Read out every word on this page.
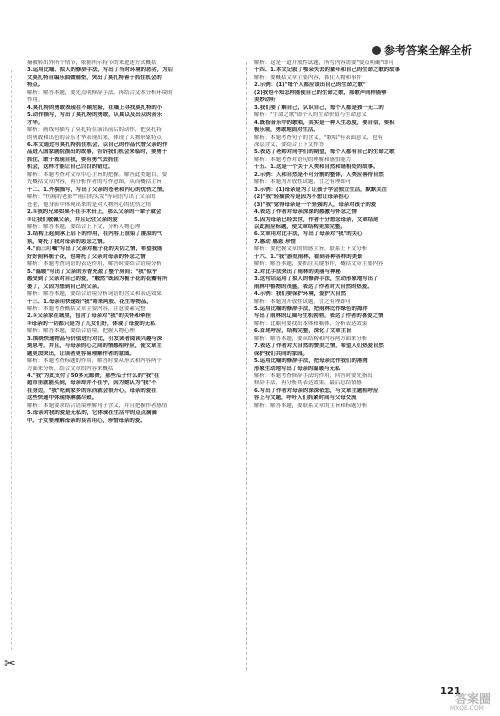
参考答案全解全析
摘被转出外所个情节，依据所示特节的来进述方式概括
3.运用比喻、拟人的修辞手法，写出了当时环境的恶劣，为后
文莫扎特自编乐曲做铺垫，突出了莫扎特善于抓住机会的
特点。
解析：解答本题，要先点明修辞手法，再结合文本分析环境的
作用。
4.莫扎特的勇敢表现在不顾危险，在墙上寻找莫扎特的小
5.动作描写，写出了莫扎特的勇敢，认真以及出众的音乐
才华。
解析：画线句描写了莫扎特在演出前后的动作，把莫扎特
的勇敢和出色的音乐才华表现出来，体现了人物形象特点
6.本文通过写莫扎特抓住机会，以自己的作品代替父亲的作
品进入国家剧院演出的故事，告诉我们机会来临时，要勇于
抓住，敢于表现自我，要有勇气去抓住
机会，这样才能让自己白白的错过。
解析：本题考查对文章中心主旨的把握。解答此类题目，要
先概括文章内容，再分析作者的写作意图，从而概括主旨
十二、1.外貌描写，写出了父亲的苍老和内心的优伤之情。
解析："伤痛的老影""雨白的头发"等词语写出了父亲的
苍老，他身影中体现出来的是对人物内心的优伤之情
2.①我的兄弟如果不在手术台上，那么父亲的一辈子就会
②让我们敬佩父亲，并且记住父亲的爱
解析：解答本题，要结合上下文，分析人物心理
3.结构上起到承上启下的作用，在内容上渲染了凄凉的气
氛，寄托了我对母亲的思念之情。
4."而三叮嘱"写出了父亲对栀子花的关切之情，希望我能
好好照料栀子花，也寄托了父亲对母亲的怀念之情
解析：本题考查词语的表达作用，解答时要结合语境分析
5."温暖"写出了父亲的芳香充盈了整个房间；"我"似乎
感受到了父亲对自己的爱，"触然"既因为栀子花的花瓣有所
萎了，又因为想到自己的父亲。
解析：解答本题，要结合语境分析词语的含义和表达效果
十三、1.母亲用快递给"我"寄来阿胶、花生等物品。
解析：本题考查概括文章主要内容，注意要素完整
2.①父亲家在城里，包含了母亲对"我"的关怀和牵挂
②母亲的一切都只是为了儿女们好，体现了母爱的无私
解析：解答本题，要结合语境，把握人物心理
3.围绕快递物品与价值进行对比，引发读者阅读兴趣与深
刻思考，并且，与母亲的心之间的情感相呼应，使文章主
题更加突出，让读者更容易理解作者的意图。
解析：本题考查标题的作用，解答时要从形式和内容两个
方面来分析，结合文章的内容来概括
4."我"为此支付了50多元邮费，那些瓜子什么的"我"在
超市里就能买到，母亲却并不在乎，因为她认为"我"不
在身边，"我"吃到家乡的东西就会很开心，母亲的爱在
这些快递中体现得淋漓尽致。
解析：本题要求结合语境理解句子含义，并且把握作者感情
5.母亲对我的爱是无私的，它体现在生活中的点点滴滴
中。子女要理解母亲的良苦用心，珍惜母亲的爱。
解析：这是一道开放性试题，所写内容需要"要点明确"即可
十四、1.本文记叙了鄂朵失去的童年和自己的生命之歌的故事
解析：要概括文章主要内容，抓住人物和事件
2.示例：(1)"每个人都应该出自己的生命之歌"
(2)我也不知怎样能使自己的生命之歌，那歌声同样能够
美妙动听
3.我们要了解自己，认识自己，每个人都是独一无二的
解析："生命之歌"即个人的生命价值与生命意义
4.既指音乐中的歌唱，其实是一种人生态度，要自信，要积
极乐观，勇敢地面对生活。
解析：本题考查句子的含义。"歌唱"有表面意义，也有
深层含义，要结合上下文作答
5.表达了老师对同学们的期望，每个人都有自己的生命之歌
解析：本题考查对语句的理解和感悟能力
十五、1.这是一个关于人类和自然和谐相处的故事。
2.示例：人和自然是不可分割的整体，人类应善待自然
解析：本题为开放性试题，言之有理即可
3.示例：(1)母亲是为了让孩子学会独立生活，默默关注
(2)"我"轻描淡写是因为不想让母亲担心
(3)"我"觉得母亲是一个坚强的人，母亲对孩子的爱
4.表达了作者对母亲深深的感激与怀念之情
5.因为母亲已经去世，作者十分想念母亲，文章结尾
以此照应标题，使文章结构更加完整。
6.文章用对比手法，写出了母亲对"我"的关心
7.感动 感恩 珍惜
解析：要把握文章的情感主旨，联系上下文分析
十六、1."我"游览雨林，看到各种各样的美景
解析：解答本题，要抓住关键事件，概括文章主要内容
2.对比手法突出了雨林的美丽与神秘
3.这句话运用了拟人的修辞手法，生动形象地写出了
雨林中植物的茂盛，表达了作者对大自然的热爱。
4.示例：我们要保护环境，爱护大自然
解析：本题为开放性试题，言之有理即可
5.运用比喻的修辞手法，把雨林比作绿色的海洋
写出了雨林的辽阔与生机勃勃，表达了作者的喜爱之情
解析：比喻句要找出本体和喻体，分析表达效果
6.首尾呼应，结构完整，深化了文章主旨
解析：解答本题，要从结构和内容两方面来分析
7.表达了作者对大自然的赞美之情，希望人们热爱自然
保护我们共同的家园。
5.运用比喻的修辞手法，把母亲比作我们的港湾
形象生动地写出了母亲的温暖与无私
解析：本题考查修辞手法的作用，回答时要先指出
修辞手法，再分析其表达效果，最后总结情感
6.写出了作者对母亲的深深依恋，与文章主题相呼应
容上与文题，呼吁人们抓紧时间与父母交流
解析：解答本题，要联系文章的主旨和标题分析
✂
121
答案圈
MXQE.COM
